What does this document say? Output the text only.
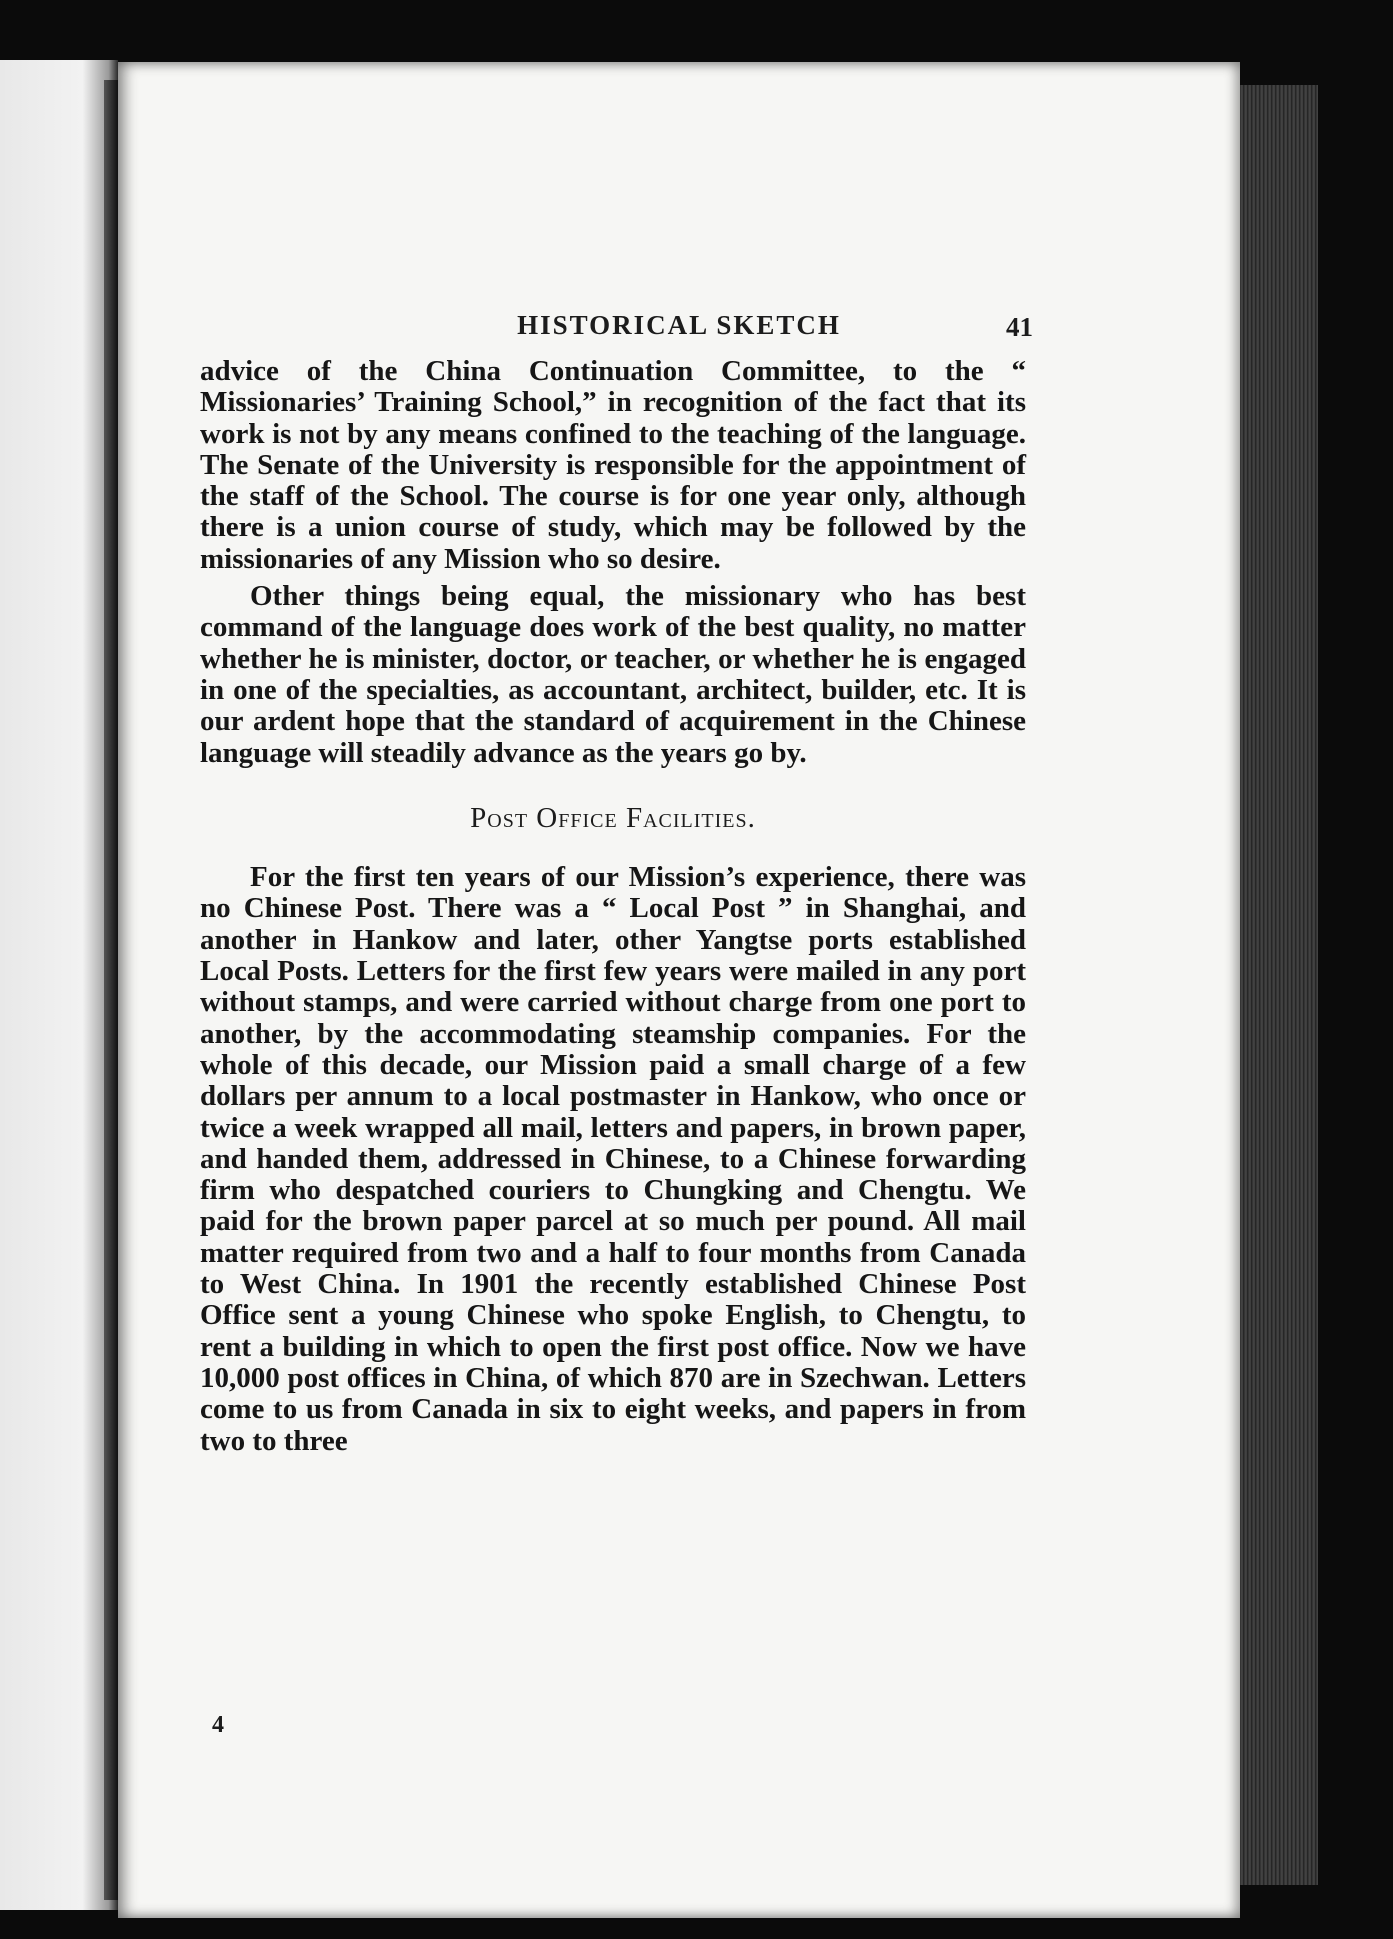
HISTORICAL SKETCH	41

advice of the China Continuation Committee, to the “ Missionaries’ Training School,” in recognition of the fact that its work is not by any means confined to the teaching of the language. The Senate of the University is responsible for the appointment of the staff of the School. The course is for one year only, although there is a union course of study, which may be followed by the missionaries of any Mission who so desire.

Other things being equal, the missionary who has best command of the language does work of the best quality, no matter whether he is minister, doctor, or teacher, or whether he is engaged in one of the specialties, as accountant, architect, builder, etc. It is our ardent hope that the standard of acquirement in the Chinese language will steadily advance as the years go by.

Post Office Facilities.

For the first ten years of our Mission’s experience, there was no Chinese Post. There was a “ Local Post ” in Shanghai, and another in Hankow and later, other Yangtse ports established Local Posts. Letters for the first few years were mailed in any port without stamps, and were carried without charge from one port to another, by the accommodating steamship companies. For the whole of this decade, our Mission paid a small charge of a few dollars per annum to a local postmaster in Hankow, who once or twice a week wrapped all mail, letters and papers, in brown paper, and handed them, addressed in Chinese, to a Chinese forwarding firm who despatched couriers to Chungking and Chengtu. We paid for the brown paper parcel at so much per pound. All mail matter required from two and a half to four months from Canada to West China. In 1901 the recently established Chinese Post Office sent a young Chinese who spoke English, to Chengtu, to rent a building in which to open the first post office. Now we have 10,000 post offices in China, of which 870 are in Szechwan. Letters come to us from Canada in six to eight weeks, and papers in from two to three

4
